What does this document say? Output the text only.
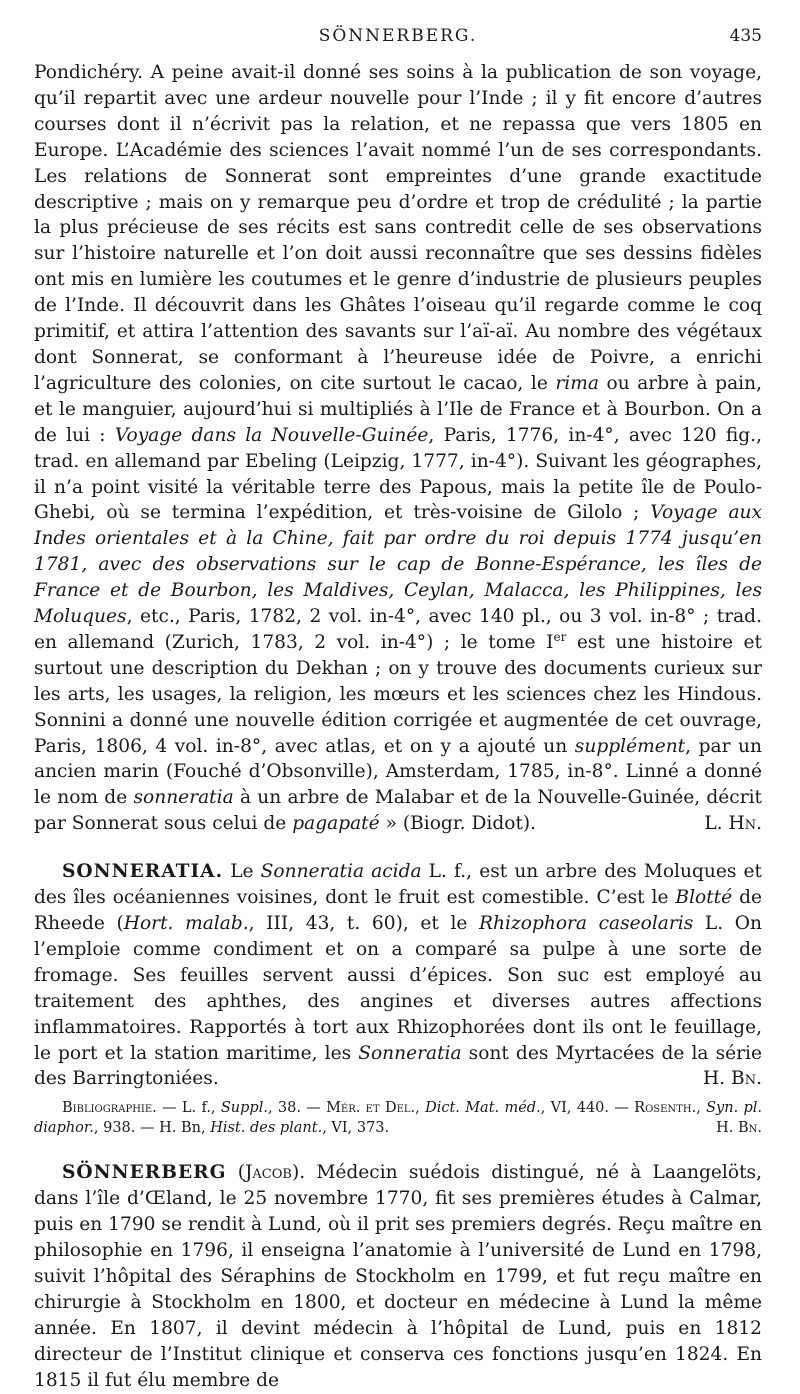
SÖNNERBERG.	435

Pondichéry. A peine avait-il donné ses soins à la publication de son voyage, qu’il repartit avec une ardeur nouvelle pour l’Inde ; il y fit encore d’autres courses dont il n’écrivit pas la relation, et ne repassa que vers 1805 en Europe. L’Académie des sciences l’avait nommé l’un de ses correspondants. Les relations de Sonnerat sont empreintes d’une grande exactitude descriptive ; mais on y remarque peu d’ordre et trop de crédulité ; la partie la plus précieuse de ses récits est sans contredit celle de ses observations sur l’histoire naturelle et l’on doit aussi reconnaître que ses dessins fidèles ont mis en lumière les coutumes et le genre d’industrie de plusieurs peuples de l’Inde. Il découvrit dans les Ghâtes l’oiseau qu’il regarde comme le coq primitif, et attira l’attention des savants sur l’aï-aï. Au nombre des végétaux dont Sonnerat, se conformant à l’heureuse idée de Poivre, a enrichi l’agriculture des colonies, on cite surtout le cacao, le rima ou arbre à pain, et le manguier, aujourd’hui si multipliés à l’Ile de France et à Bourbon. On a de lui : Voyage dans la Nouvelle-Guinée, Paris, 1776, in-4°, avec 120 fig., trad. en allemand par Ebeling (Leipzig, 1777, in-4°). Suivant les géographes, il n’a point visité la véritable terre des Papous, mais la petite île de Poulo-Ghebi, où se termina l’expédition, et très-voisine de Gilolo ; Voyage aux Indes orientales et à la Chine, fait par ordre du roi depuis 1774 jusqu’en 1781, avec des observations sur le cap de Bonne-Espérance, les îles de France et de Bourbon, les Maldives, Ceylan, Malacca, les Philippines, les Moluques, etc., Paris, 1782, 2 vol. in-4°, avec 140 pl., ou 3 vol. in-8° ; trad. en allemand (Zurich, 1783, 2 vol. in-4°) ; le tome Ier est une histoire et surtout une description du Dekhan ; on y trouve des documents curieux sur les arts, les usages, la religion, les mœurs et les sciences chez les Hindous. Sonnini a donné une nouvelle édition corrigée et augmentée de cet ouvrage, Paris, 1806, 4 vol. in-8°, avec atlas, et on y a ajouté un supplément, par un ancien marin (Fouché d’Obsonville), Amsterdam, 1785, in-8°. Linné a donné le nom de sonneratia à un arbre de Malabar et de la Nouvelle-Guinée, décrit par Sonnerat sous celui de pagapaté » (Biogr. Didot).	L. Hn.

SONNERATIA. Le Sonneratia acida L. f., est un arbre des Moluques et des îles océaniennes voisines, dont le fruit est comestible. C’est le Blotté de Rheede (Hort. malab., III, 43, t. 60), et le Rhizophora caseolaris L. On l’emploie comme condiment et on a comparé sa pulpe à une sorte de fromage. Ses feuilles servent aussi d’épices. Son suc est employé au traitement des aphthes, des angines et diverses autres affections inflammatoires. Rapportés à tort aux Rhizophorées dont ils ont le feuillage, le port et la station maritime, les Sonneratia sont des Myrtacées de la série des Barringtoniées.	H. Bn.

Bibliographie. — L. f., Suppl., 38. — Mér. et Del., Dict. Mat. méd., VI, 440. — Rosenth., Syn. pl. diaphor., 938. — H. Bn, Hist. des plant., VI, 373.	H. Bn.

SÖNNERBERG (Jacob). Médecin suédois distingué, né à Laangelöts, dans l’île d’Œland, le 25 novembre 1770, fit ses premières études à Calmar, puis en 1790 se rendit à Lund, où il prit ses premiers degrés. Reçu maître en philosophie en 1796, il enseigna l’anatomie à l’université de Lund en 1798, suivit l’hôpital des Séraphins de Stockholm en 1799, et fut reçu maître en chirurgie à Stockholm en 1800, et docteur en médecine à Lund la même année. En 1807, il devint médecin à l’hôpital de Lund, puis en 1812 directeur de l’Institut clinique et conserva ces fonctions jusqu’en 1824. En 1815 il fut élu membre de
